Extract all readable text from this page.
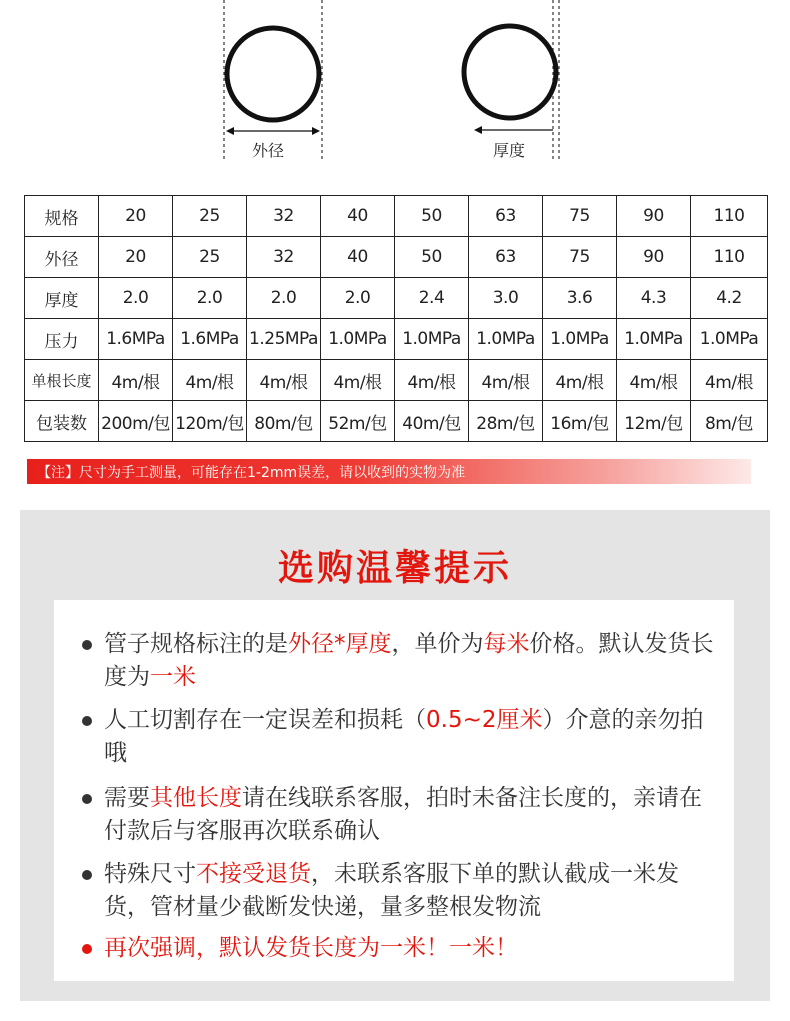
外径	厚度
规格	20	25	32	40	50	63	75	90	110
外径	20	25	32	40	50	63	75	90	110
厚度	2.0	2.0	2.0	2.0	2.4	3.0	3.6	4.3	4.2
压力	1.6MPa	1.6MPa	1.25MPa	1.0MPa	1.0MPa	1.0MPa	1.0MPa	1.0MPa	1.0MPa
单根长度	4m/根	4m/根	4m/根	4m/根	4m/根	4m/根	4m/根	4m/根	4m/根
包装数	200m/包	120m/包	80m/包	52m/包	40m/包	28m/包	16m/包	12m/包	8m/包
【注】尺寸为手工测量，可能存在1-2mm误差，请以收到的实物为准
选购温馨提示
管子规格标注的是外径*厚度，单价为每米价格。默认发货长度为一米
人工切割存在一定误差和损耗（0.5~2厘米）介意的亲勿拍哦
需要其他长度请在线联系客服，拍时未备注长度的，亲请在付款后与客服再次联系确认
特殊尺寸不接受退货，未联系客服下单的默认截成一米发货，管材量少截断发快递，量多整根发物流
再次强调，默认发货长度为一米！一米！
